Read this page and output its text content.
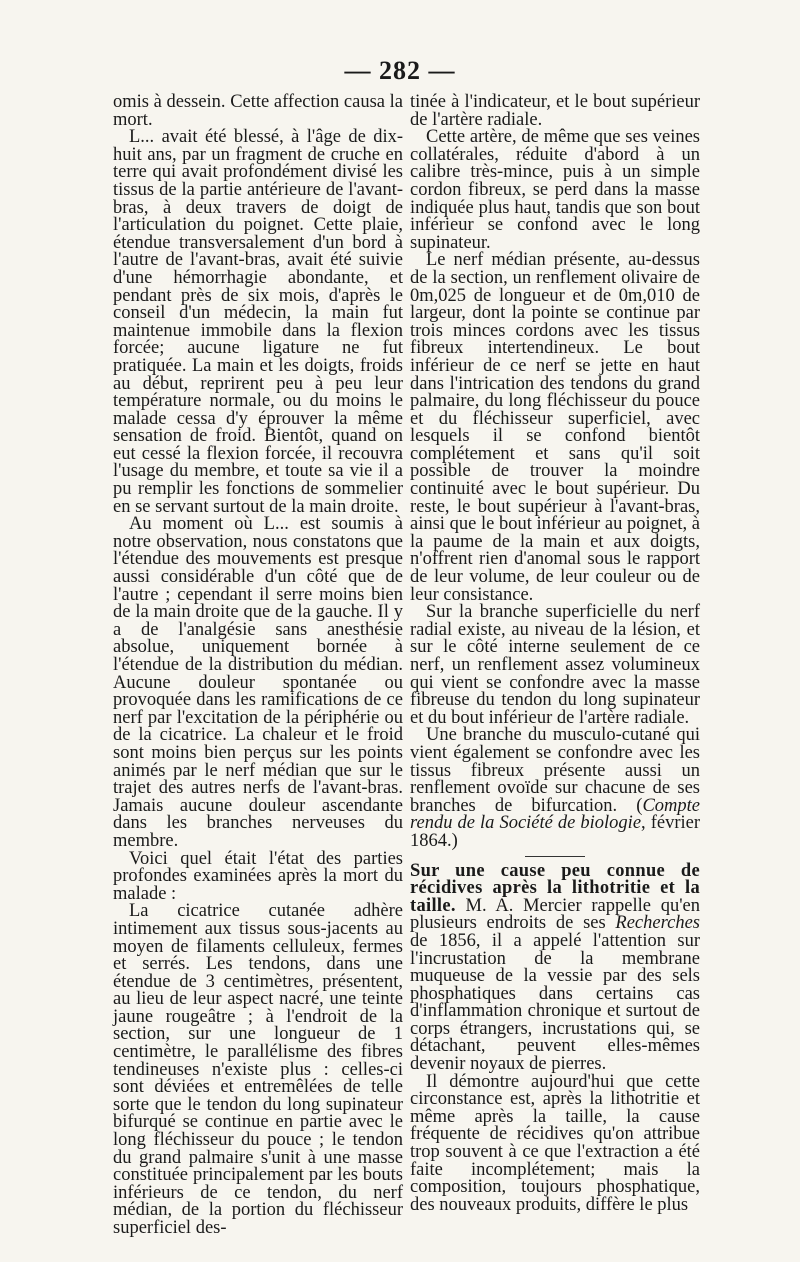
— 282 —

omis à dessein. Cette affection causa la mort.

L... avait été blessé, à l'âge de dix-huit ans, par un fragment de cruche en terre qui avait profondément divisé les tissus de la partie antérieure de l'avant-bras, à deux travers de doigt de l'articulation du poignet. Cette plaie, étendue transversalement d'un bord à l'autre de l'avant-bras, avait été suivie d'une hémorrhagie abondante, et pendant près de six mois, d'après le conseil d'un médecin, la main fut maintenue immobile dans la flexion forcée; aucune ligature ne fut pratiquée. La main et les doigts, froids au début, reprirent peu à peu leur température normale, ou du moins le malade cessa d'y éprouver la même sensation de froid. Bientôt, quand on eut cessé la flexion forcée, il recouvra l'usage du membre, et toute sa vie il a pu remplir les fonctions de sommelier en se servant surtout de la main droite.

Au moment où L... est soumis à notre observation, nous constatons que l'étendue des mouvements est presque aussi considérable d'un côté que de l'autre ; cependant il serre moins bien de la main droite que de la gauche. Il y a de l'analgésie sans anesthésie absolue, uniquement bornée à l'étendue de la distribution du médian. Aucune douleur spontanée ou provoquée dans les ramifications de ce nerf par l'excitation de la périphérie ou de la cicatrice. La chaleur et le froid sont moins bien perçus sur les points animés par le nerf médian que sur le trajet des autres nerfs de l'avant-bras. Jamais aucune douleur ascendante dans les branches nerveuses du membre.

Voici quel était l'état des parties profondes examinées après la mort du malade :

La cicatrice cutanée adhère intimement aux tissus sous-jacents au moyen de filaments celluleux, fermes et serrés. Les tendons, dans une étendue de 3 centimètres, présentent, au lieu de leur aspect nacré, une teinte jaune rougeâtre ; à l'endroit de la section, sur une longueur de 1 centimètre, le parallélisme des fibres tendineuses n'existe plus : celles-ci sont déviées et entremêlées de telle sorte que le tendon du long supinateur bifurqué se continue en partie avec le long fléchisseur du pouce ; le tendon du grand palmaire s'unit à une masse constituée principalement par les bouts inférieurs de ce tendon, du nerf médian, de la portion du fléchisseur superficiel des-

tinée à l'indicateur, et le bout supérieur de l'artère radiale.

Cette artère, de même que ses veines collatérales, réduite d'abord à un calibre très-mince, puis à un simple cordon fibreux, se perd dans la masse indiquée plus haut, tandis que son bout inférieur se confond avec le long supinateur.

Le nerf médian présente, au-dessus de la section, un renflement olivaire de 0m,025 de longueur et de 0m,010 de largeur, dont la pointe se continue par trois minces cordons avec les tissus fibreux intertendineux. Le bout inférieur de ce nerf se jette en haut dans l'intrication des tendons du grand palmaire, du long fléchisseur du pouce et du fléchisseur superficiel, avec lesquels il se confond bientôt complétement et sans qu'il soit possible de trouver la moindre continuité avec le bout supérieur. Du reste, le bout supérieur à l'avant-bras, ainsi que le bout inférieur au poignet, à la paume de la main et aux doigts, n'offrent rien d'anomal sous le rapport de leur volume, de leur couleur ou de leur consistance.

Sur la branche superficielle du nerf radial existe, au niveau de la lésion, et sur le côté interne seulement de ce nerf, un renflement assez volumineux qui vient se confondre avec la masse fibreuse du tendon du long supinateur et du bout inférieur de l'artère radiale.

Une branche du musculo-cutané qui vient également se confondre avec les tissus fibreux présente aussi un renflement ovoïde sur chacune de ses branches de bifurcation. (Compte rendu de la Société de biologie, février 1864.)

Sur une cause peu connue de récidives après la lithotritie et la taille. M. A. Mercier rappelle qu'en plusieurs endroits de ses Recherches de 1856, il a appelé l'attention sur l'incrustation de la membrane muqueuse de la vessie par des sels phosphatiques dans certains cas d'inflammation chronique et surtout de corps étrangers, incrustations qui, se détachant, peuvent elles-mêmes devenir noyaux de pierres.

Il démontre aujourd'hui que cette circonstance est, après la lithotritie et même après la taille, la cause fréquente de récidives qu'on attribue trop souvent à ce que l'extraction a été faite incomplétement; mais la composition, toujours phosphatique, des nouveaux produits, diffère le plus
